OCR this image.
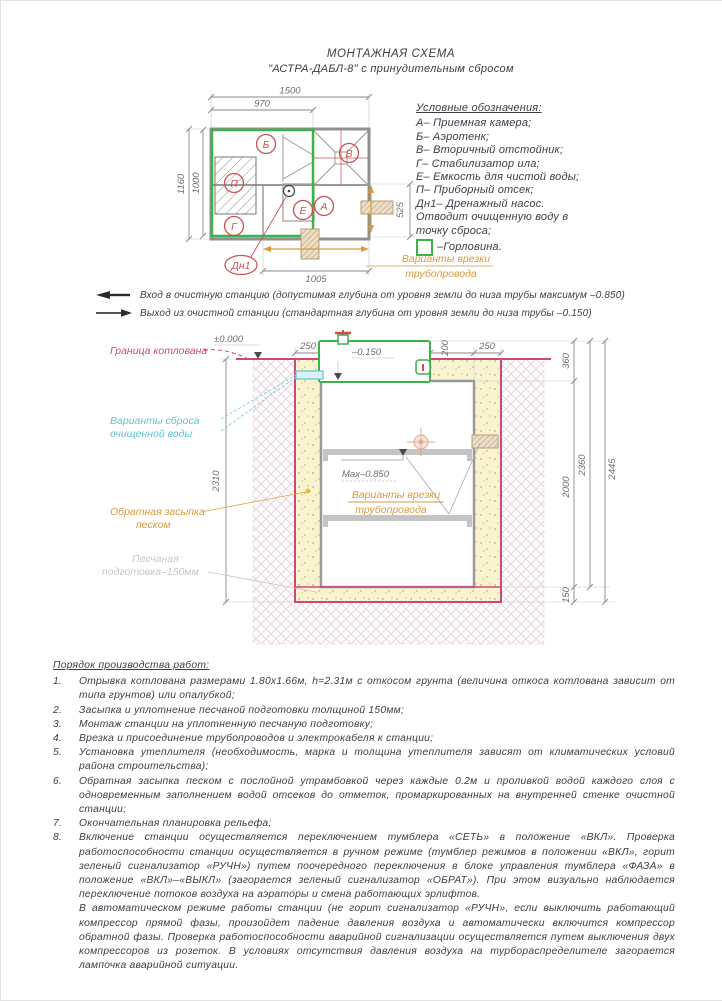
МОНТАЖНАЯ СХЕМА
"АСТРА-ДАБЛ-8" с принудительным сбросом
Дн1
Б
В
П
Г
Е А
1500
970
1160 1000
525
1005
Варианты врезки
трубопровода
Условные обозначения:
А– Приемная камера;
Б– Аэротенк;
В– Вторичный отстойник;
Г– Стабилизатор ила;
Е– Емкость для чистой воды;
П– Приборный отсек;
Дн1– Дренажный насос.
Отводит очищенную воду в
точку сброса;
–Горловина.
Вход в очистную станцию (допустимая глубина от уровня земли до низа трубы максимум –0.850)
Выход из очистной станции (стандартная глубина от уровня земли до низа трубы –0.150)
–0.150
±0.000
Варианты сброса
очищенной воды
Граница котлована
Max–0.850
Варианты врезки
трубопровода
Обратная засыпка
песком
Песчаная
подготовка–150мм
250	200	250
360
2310	2000
150
2360 2445
Порядок производства работ:
1.	Отрывка котлована размерами 1.80х1.66м, h=2.31м с откосом грунта (величина откоса котлована зависит от типа грунтов) или опалубкой;
2.	Засыпка и уплотнение песчаной подготовки толщиной 150мм;
3.	Монтаж станции на уплотненную песчаную подготовку;
4.	Врезка и присоединение трубопроводов и электрокабеля к станции;
5.	Установка утеплителя (необходимость, марка и толщина утеплителя зависят от климатических условий района строительства);
6.	Обратная засыпка песком с послойной утрамбовкой через каждые 0.2м и проливкой водой каждого слоя с одновременным заполнением водой отсеков до отметок, промаркированных на внутренней стенке очистной станции;
7.	Окончательная планировка рельефа;
8.	Включение станции осуществляется переключением тумблера «СЕТЬ» в положение «ВКЛ». Проверка работоспособности станции осуществляется в ручном режиме (тумблер режимов в положении «ВКЛ», горит зеленый сигнализатор «РУЧН») путем поочередного переключения в блоке управления тумблера «ФАЗА» в положение «ВКЛ»–«ВЫКЛ» (загорается зеленый сигнализатор «ОБРАТ»). При этом визуально наблюдается переключение потоков воздуха на аэраторы и смена работающих эрлифтов.
В автоматическом режиме работы станции (не горит сигнализатор «РУЧН», если выключить работающий компрессор прямой фазы, произойдет падение давления воздуха и автоматически включится компрессор обратной фазы. Проверка работоспособности аварийной сигнализации осуществляется путем выключения двух компрессоров из розеток. В условиях отсутствия давления воздуха на турбораспределителе загорается лампочка аварийной ситуации.
